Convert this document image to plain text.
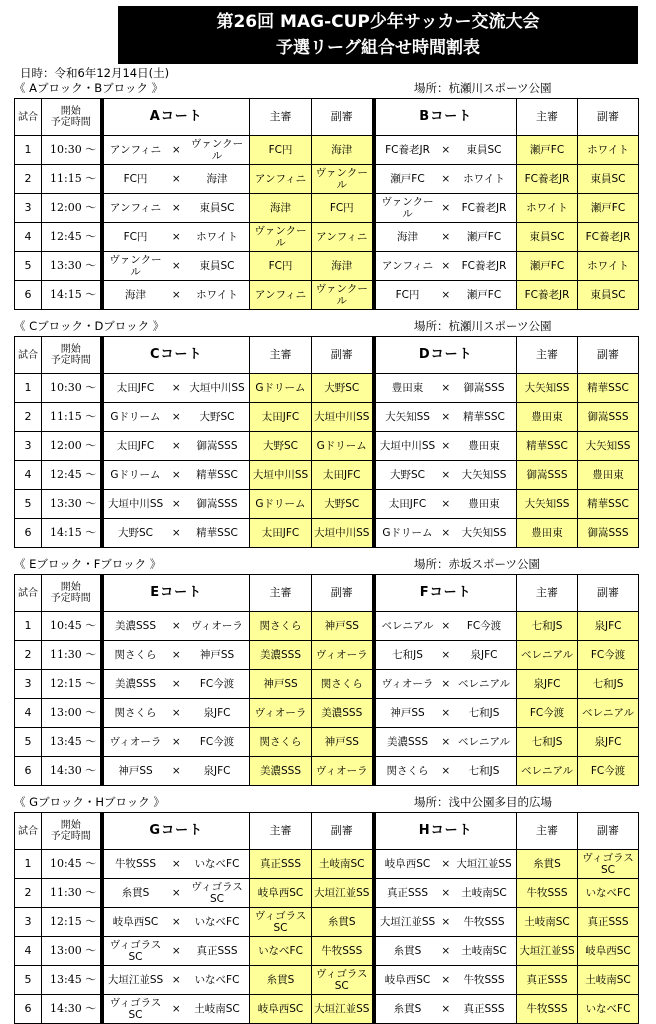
第26回 MAG-CUP少年サッカー交流大会
予選リーグ組合せ時間割表
日時：令和6年12月14日(土)
《 Aブロック・Bブロック 》	場所：杭瀬川スポーツ公園
試合	開始
予定時間	Aコート	主審	副審	Bコート	主審	副審
1	10:30 ～	アンフィニ × ヴァンクール	FC円	海津	FC養老JR × 東員SC	瀬戸FC	ホワイト
2	11:15 ～	FC円 × 海津	アンフィニ	ヴァンクール	瀬戸FC × ホワイト	FC養老JR	東員SC
3	12:00 ～	アンフィニ × 東員SC	海津	FC円	ヴァンクール × FC養老JR	ホワイト	瀬戸FC
4	12:45 ～	FC円 × ホワイト	ヴァンクール	アンフィニ	海津 × 瀬戸FC	東員SC	FC養老JR
5	13:30 ～	ヴァンクール × 東員SC	FC円	海津	アンフィニ × FC養老JR	瀬戸FC	ホワイト
6	14:15 ～	海津 × ホワイト	アンフィニ	ヴァンクール	FC円 × 瀬戸FC	FC養老JR	東員SC
《 Cブロック・Dブロック 》	場所：杭瀬川スポーツ公園
試合	開始
予定時間	Cコート	主審	副審	Dコート	主審	副審
1	10:30 ～	太田JFC × 大垣中川SS	Gドリーム	大野SC	豊田東 × 御嵩SSS	大矢知SS	精華SSC
2	11:15 ～	Gドリーム × 大野SC	太田JFC	大垣中川SS	大矢知SS × 精華SSC	豊田東	御嵩SSS
3	12:00 ～	太田JFC × 御嵩SSS	大野SC	Gドリーム	大垣中川SS × 豊田東	精華SSC	大矢知SS
4	12:45 ～	Gドリーム × 精華SSC	大垣中川SS	太田JFC	大野SC × 大矢知SS	御嵩SSS	豊田東
5	13:30 ～	大垣中川SS × 御嵩SSS	Gドリーム	大野SC	太田JFC × 豊田東	大矢知SS	精華SSC
6	14:15 ～	大野SC × 精華SSC	太田JFC	大垣中川SS	Gドリーム × 大矢知SS	豊田東	御嵩SSS
《 Eブロック・Fブロック 》	場所：赤坂スポーツ公園
試合	開始
予定時間	Eコート	主審	副審	Fコート	主審	副審
1	10:45 ～	美濃SSS × ヴィオーラ	関さくら	神戸SS	ベレニアル × FC今渡	七和JS	泉JFC
2	11:30 ～	関さくら × 神戸SS	美濃SSS	ヴィオーラ	七和JS × 泉JFC	ベレニアル	FC今渡
3	12:15 ～	美濃SSS × FC今渡	神戸SS	関さくら	ヴィオーラ × ベレニアル	泉JFC	七和JS
4	13:00 ～	関さくら × 泉JFC	ヴィオーラ	美濃SSS	神戸SS × 七和JS	FC今渡	ベレニアル
5	13:45 ～	ヴィオーラ × FC今渡	関さくら	神戸SS	美濃SSS × ベレニアル	七和JS	泉JFC
6	14:30 ～	神戸SS × 泉JFC	美濃SSS	ヴィオーラ	関さくら × 七和JS	ベレニアル	FC今渡
《 Gブロック・Hブロック 》	場所：浅中公園多目的広場
試合	開始
予定時間	Gコート	主審	副審	Hコート	主審	副審
1	10:45 ～	牛牧SSS × いなべFC	真正SSS	土岐南SC	岐阜西SC × 大垣江並SS	糸貫S	ヴィゴラスSC
2	11:30 ～	糸貫S × ヴィゴラスSC	岐阜西SC	大垣江並SS	真正SSS × 土岐南SC	牛牧SSS	いなべFC
3	12:15 ～	岐阜西SC × いなべFC	ヴィゴラスSC	糸貫S	大垣江並SS × 牛牧SSS	土岐南SC	真正SSS
4	13:00 ～	ヴィゴラスSC × 真正SSS	いなべFC	牛牧SSS	糸貫S × 土岐南SC	大垣江並SS	岐阜西SC
5	13:45 ～	大垣江並SS × いなべFC	糸貫S	ヴィゴラスSC	岐阜西SC × 牛牧SSS	真正SSS	土岐南SC
6	14:30 ～	ヴィゴラスSC × 土岐南SC	岐阜西SC	大垣江並SS	糸貫S × 真正SSS	牛牧SSS	いなべFC
